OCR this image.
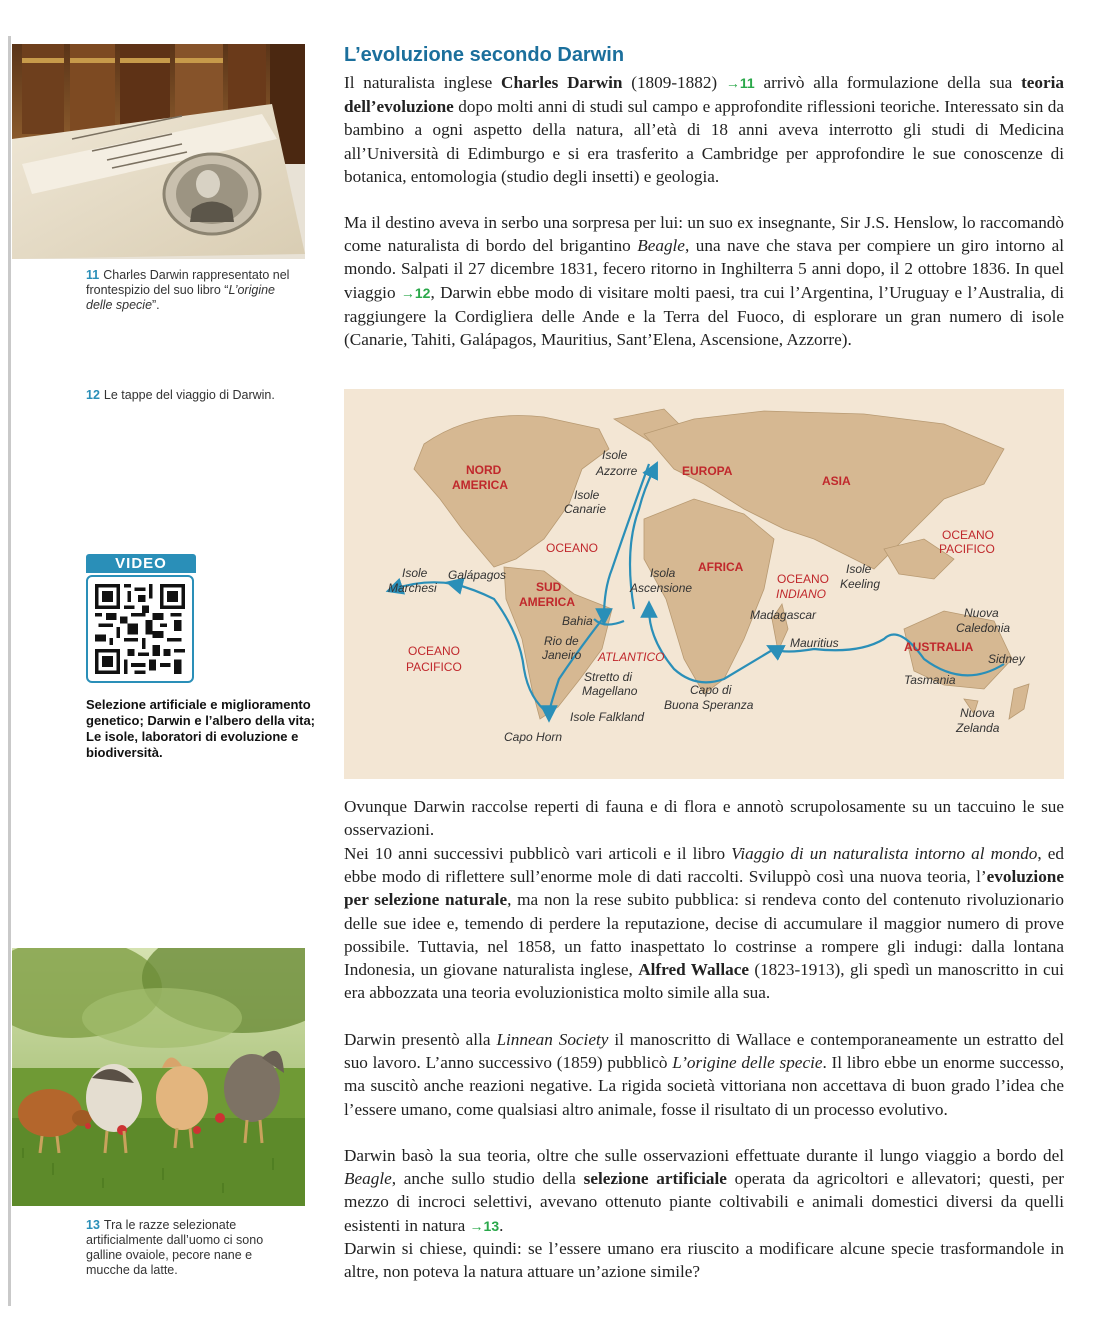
11 Charles Darwin rappresentato nel frontespizio del suo libro “L’origine delle specie”.
12 Le tappe del viaggio di Darwin.
VIDEO
Selezione artificiale e miglioramento genetico; Darwin e l’albero della vita; Le isole, laboratori di evoluzione e biodiversità.
13 Tra le razze selezionate artificialmente dall’uomo ci sono galline ovaiole, pecore nane e mucche da latte.
L’evoluzione secondo Darwin

Il naturalista inglese Charles Darwin (1809-1882) →11 arrivò alla formulazione della sua teoria dell’evoluzione dopo molti anni di studi sul campo e approfondite riflessioni teoriche. Interessato sin da bambino a ogni aspetto della natura, all’età di 18 anni aveva interrotto gli studi di Medicina all’Università di Edimburgo e si era trasferito a Cambridge per approfondire le sue conoscenze di botanica, entomologia (studio degli insetti) e geologia.

Ma il destino aveva in serbo una sorpresa per lui: un suo ex insegnante, Sir J.S. Henslow, lo raccomandò come naturalista di bordo del brigantino Beagle, una nave che stava per compiere un giro intorno al mondo. Salpati il 27 dicembre 1831, fecero ritorno in Inghilterra 5 anni dopo, il 2 ottobre 1836. In quel viaggio →12, Darwin ebbe modo di visitare molti paesi, tra cui l’Argentina, l’Uruguay e l’Australia, di raggiungere la Cordigliera delle Ande e la Terra del Fuoco, di esplorare un gran numero di isole (Canarie, Tahiti, Galápagos, Mauritius, Sant’Elena, Ascensione, Azzorre).

NORD
AMERICA
EUROPA
ASIA
AFRICA
SUD
AMERICA
AUSTRALIA
OCEANO
ATLANTICO
OCEANO
PACIFICO
OCEANO
PACIFICO
OCEANO
INDIANO
Isole
Azzorre
Isole
Canarie
Isole
Marchesi
Galápagos	Isola
Ascensione
Bahia
Rio de
Janeiro
Stretto di
Magellano
Isole Falkland
Capo Horn
Capo di
Buona Speranza
Madagascar
Mauritius
Isole
Keeling
Nuova
Caledonia
Sidney
Tasmania
Nuova
Zelanda

Ovunque Darwin raccolse reperti di fauna e di flora e annotò scrupolosamente su un taccuino le sue osservazioni.

Nei 10 anni successivi pubblicò vari articoli e il libro Viaggio di un naturalista intorno al mondo, ed ebbe modo di riflettere sull’enorme mole di dati raccolti. Sviluppò così una nuova teoria, l’evoluzione per selezione naturale, ma non la rese subito pubblica: si rendeva conto del contenuto rivoluzionario delle sue idee e, temendo di perdere la reputazione, decise di accumulare il maggior numero di prove possibile. Tuttavia, nel 1858, un fatto inaspettato lo costrinse a rompere gli indugi: dalla lontana Indonesia, un giovane naturalista inglese, Alfred Wallace (1823-1913), gli spedì un manoscritto in cui era abbozzata una teoria evoluzionistica molto simile alla sua.

Darwin presentò alla Linnean Society il manoscritto di Wallace e contemporaneamente un estratto del suo lavoro. L’anno successivo (1859) pubblicò L’origine delle specie. Il libro ebbe un enorme successo, ma suscitò anche reazioni negative. La rigida società vittoriana non accettava di buon grado l’idea che l’essere umano, come qualsiasi altro animale, fosse il risultato di un processo evolutivo.

Darwin basò la sua teoria, oltre che sulle osservazioni effettuate durante il lungo viaggio a bordo del Beagle, anche sullo studio della selezione artificiale operata da agricoltori e allevatori; questi, per mezzo di incroci selettivi, avevano ottenuto piante coltivabili e animali domestici diversi da quelli esistenti in natura →13.

Darwin si chiese, quindi: se l’essere umano era riuscito a modificare alcune specie trasformandole in altre, non poteva la natura attuare un’azione simile?
